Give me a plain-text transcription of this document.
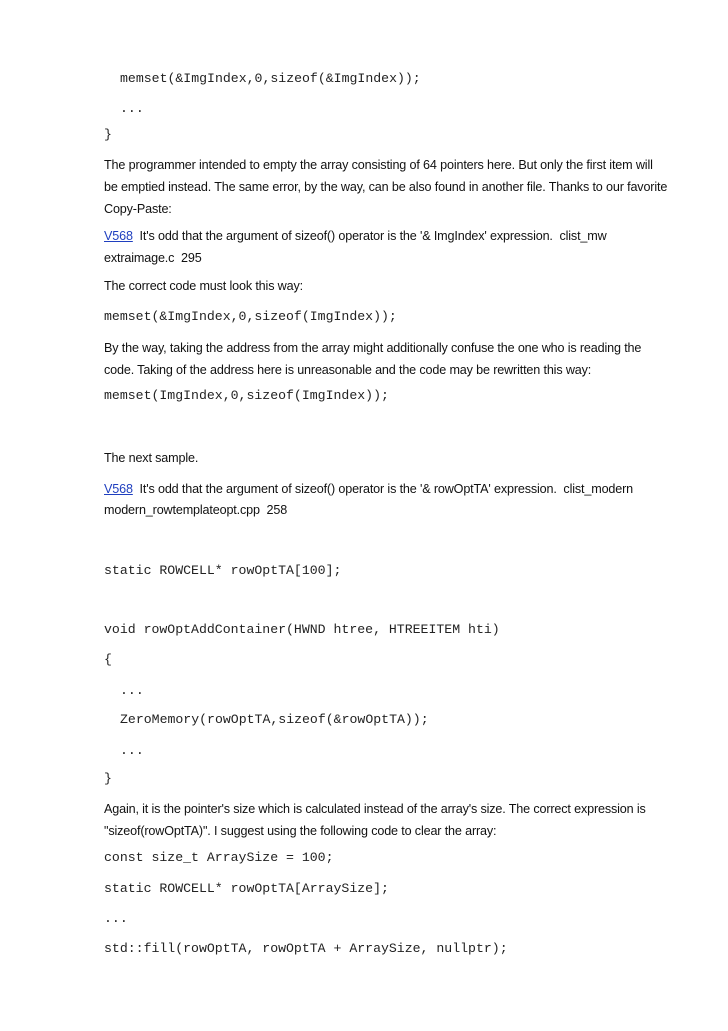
memset(&ImgIndex,0,sizeof(&ImgIndex));
...
}
The programmer intended to empty the array consisting of 64 pointers here. But only the first item will
be emptied instead. The same error, by the way, can be also found in another file. Thanks to our favorite
Copy-Paste:
V568  It's odd that the argument of sizeof() operator is the '& ImgIndex' expression.  clist_mw
extraimage.c  295
The correct code must look this way:
memset(&ImgIndex,0,sizeof(ImgIndex));
By the way, taking the address from the array might additionally confuse the one who is reading the
code. Taking of the address here is unreasonable and the code may be rewritten this way:
memset(ImgIndex,0,sizeof(ImgIndex));
The next sample.
V568  It's odd that the argument of sizeof() operator is the '& rowOptTA' expression.  clist_modern
modern_rowtemplateopt.cpp  258
static ROWCELL* rowOptTA[100];
void rowOptAddContainer(HWND htree, HTREEITEM hti)
{
...
ZeroMemory(rowOptTA,sizeof(&rowOptTA));
...
}
Again, it is the pointer's size which is calculated instead of the array's size. The correct expression is
"sizeof(rowOptTA)". I suggest using the following code to clear the array:
const size_t ArraySize = 100;
static ROWCELL* rowOptTA[ArraySize];
...
std::fill(rowOptTA, rowOptTA + ArraySize, nullptr);
